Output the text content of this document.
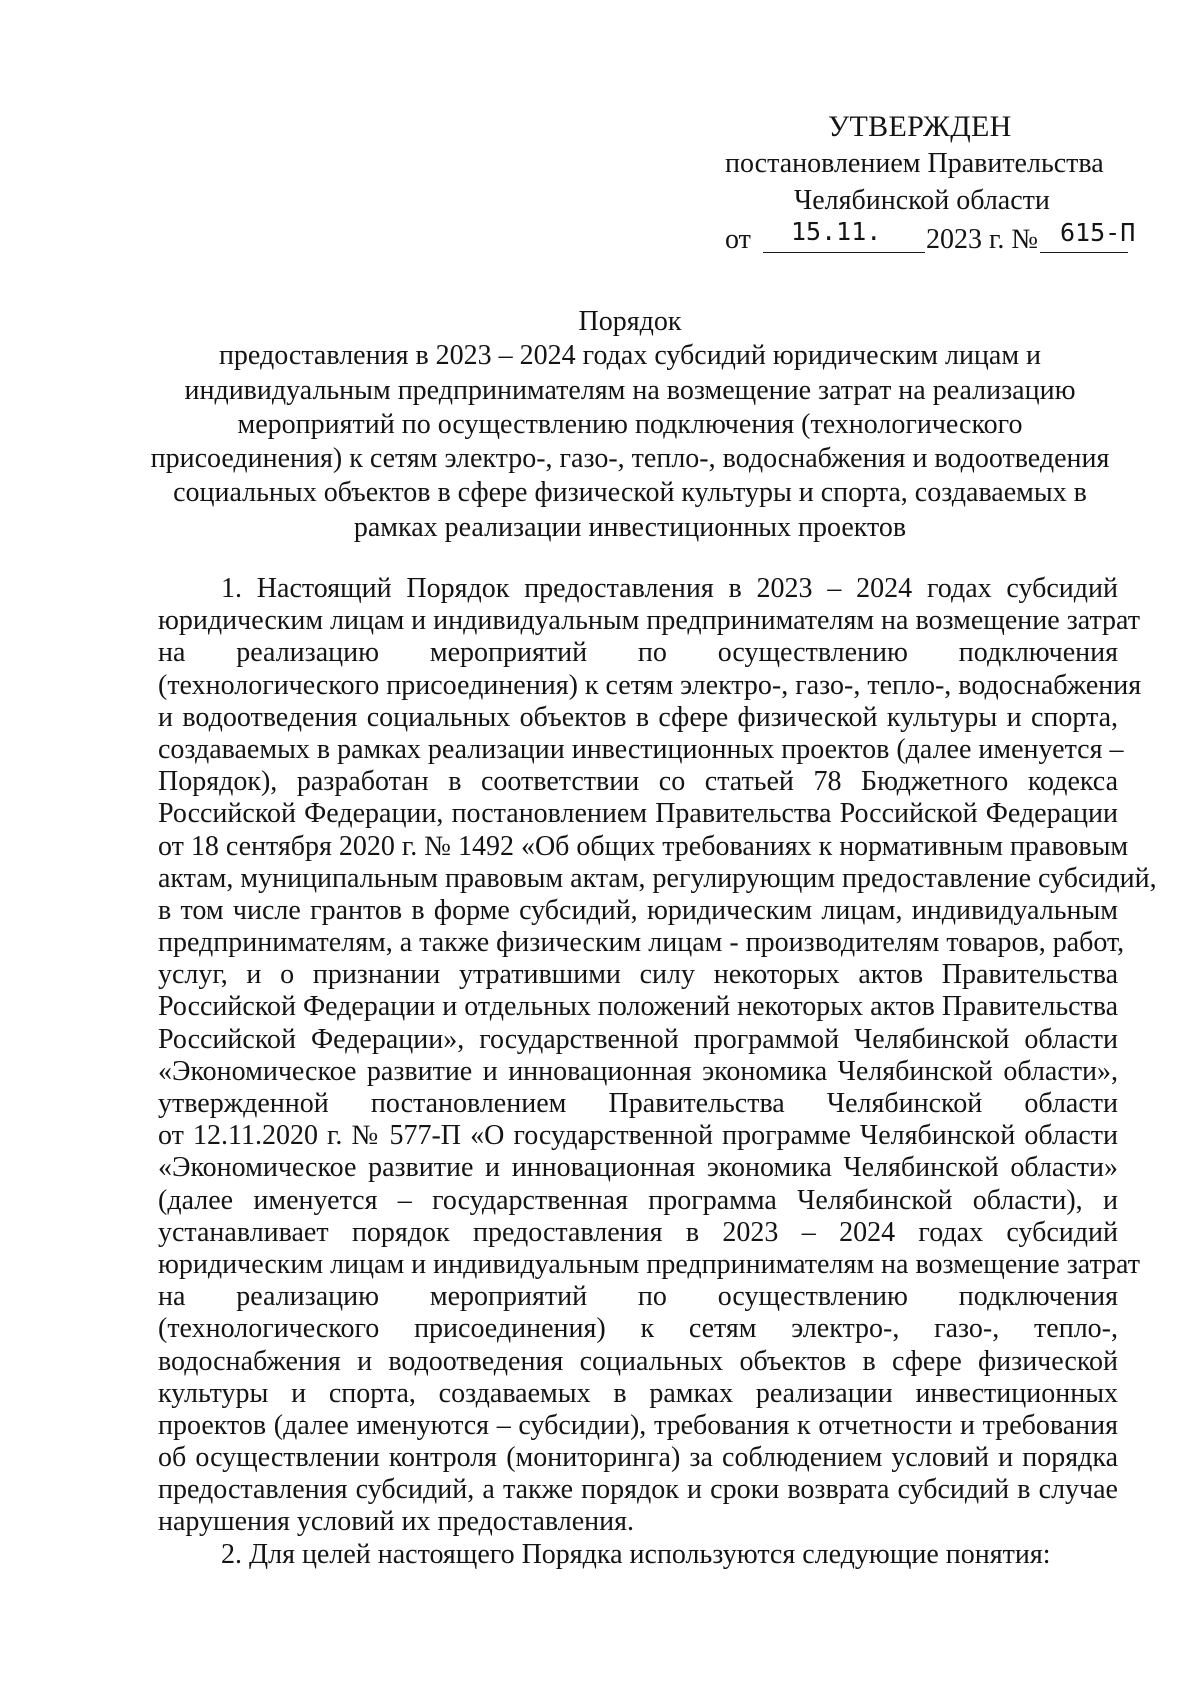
УТВЕРЖДЕН
постановлением Правительства
Челябинской области
от 15.11. 2023 г. № 615-П
Порядок
предоставления в 2023 – 2024 годах субсидий юридическим лицам и
индивидуальным предпринимателям на возмещение затрат на реализацию
мероприятий по осуществлению подключения (технологического
присоединения) к сетям электро-, газо-, тепло-, водоснабжения и водоотведения
социальных объектов в сфере физической культуры и спорта, создаваемых в
рамках реализации инвестиционных проектов
1. Настоящий Порядок предоставления в 2023 – 2024 годах субсидий
юридическим лицам и индивидуальным предпринимателям на возмещение затрат
на реализацию мероприятий по осуществлению подключения
(технологического присоединения) к сетям электро-, газо-, тепло-, водоснабжения
и водоотведения социальных объектов в сфере физической культуры и спорта,
создаваемых в рамках реализации инвестиционных проектов (далее именуется –
Порядок), разработан в соответствии со статьей 78 Бюджетного кодекса
Российской Федерации, постановлением Правительства Российской Федерации
от 18 сентября 2020 г. № 1492 «Об общих требованиях к нормативным правовым
актам, муниципальным правовым актам, регулирующим предоставление субсидий,
в том числе грантов в форме субсидий, юридическим лицам, индивидуальным
предпринимателям, а также физическим лицам - производителям товаров, работ,
услуг, и о признании утратившими силу некоторых актов Правительства
Российской Федерации и отдельных положений некоторых актов Правительства
Российской Федерации», государственной программой Челябинской области
«Экономическое развитие и инновационная экономика Челябинской области»,
утвержденной постановлением Правительства Челябинской области
от 12.11.2020 г. № 577-П «О государственной программе Челябинской области
«Экономическое развитие и инновационная экономика Челябинской области»
(далее именуется – государственная программа Челябинской области), и
устанавливает порядок предоставления в 2023 – 2024 годах субсидий
юридическим лицам и индивидуальным предпринимателям на возмещение затрат
на реализацию мероприятий по осуществлению подключения
(технологического присоединения) к сетям электро-, газо-, тепло-,
водоснабжения и водоотведения социальных объектов в сфере физической
культуры и спорта, создаваемых в рамках реализации инвестиционных
проектов (далее именуются – субсидии), требования к отчетности и требования
об осуществлении контроля (мониторинга) за соблюдением условий и порядка
предоставления субсидий, а также порядок и сроки возврата субсидий в случае
нарушения условий их предоставления.
2. Для целей настоящего Порядка используются следующие понятия:
